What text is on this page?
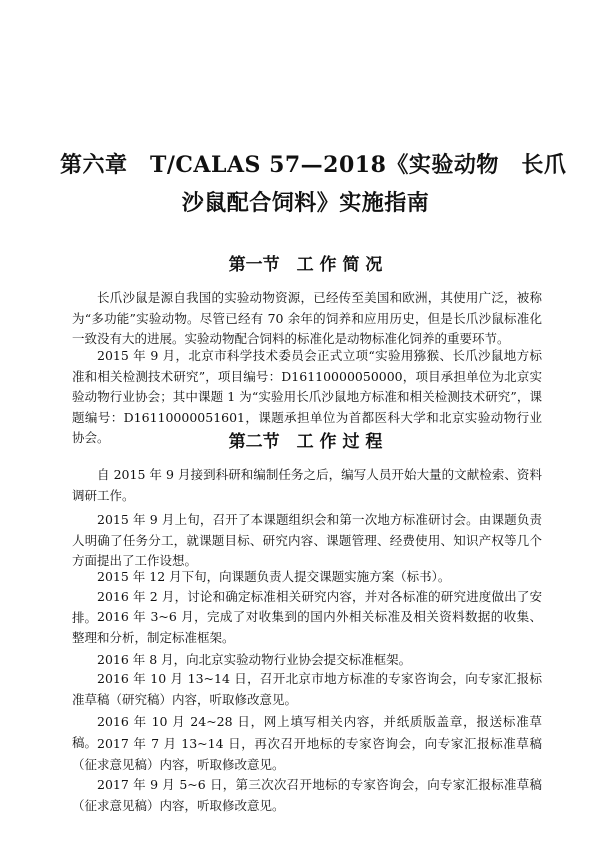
第六章　T/CALAS 57—2018《实验动物　长爪
沙鼠配合饲料》实施指南
第一节　工 作 简 况

长爪沙鼠是源自我国的实验动物资源，已经传至美国和欧洲，其使用广泛，被称为“多功能”实验动物。尽管已经有 70 余年的饲养和应用历史，但是长爪沙鼠标准化一致没有大的进展。实验动物配合饲料的标准化是动物标准化饲养的重要环节。

2015 年 9 月，北京市科学技术委员会正式立项“实验用猕猴、长爪沙鼠地方标准和相关检测技术研究”，项目编号：D16110000050000，项目承担单位为北京实验动物行业协会；其中课题 1 为“实验用长爪沙鼠地方标准和相关检测技术研究”，课题编号：D16110000051601，课题承担单位为首都医科大学和北京实验动物行业协会。	第二节　工 作 过 程

自 2015 年 9 月接到科研和编制任务之后，编写人员开始大量的文献检索、资料调研工作。

2015 年 9 月上旬，召开了本课题组织会和第一次地方标准研讨会。由课题负责人明确了任务分工，就课题目标、研究内容、课题管理、经费使用、知识产权等几个方面提出了工作设想。

2015 年 12 月下旬，向课题负责人提交课题实施方案（标书）。

2016 年 2 月，讨论和确定标准相关研究内容，并对各标准的研究进度做出了安排。 2016 年 3~6 月，完成了对收集到的国内外相关标准及相关资料数据的收集、整理和分析，制定标准框架。

2016 年 8 月，向北京实验动物行业协会提交标准框架。

2016 年 10 月 13~14 日，召开北京市地方标准的专家咨询会，向专家汇报标准草稿（研究稿）内容，听取修改意见。

2016 年 10 月 24~28 日，网上填写相关内容，并纸质版盖章，报送标准草稿。 2017 年 7 月 13~14 日，再次召开地标的专家咨询会，向专家汇报标准草稿（征求意见稿）内容，听取修改意见。

2017 年 9 月 5~6 日，第三次次召开地标的专家咨询会，向专家汇报标准草稿（征求意见稿）内容，听取修改意见。
